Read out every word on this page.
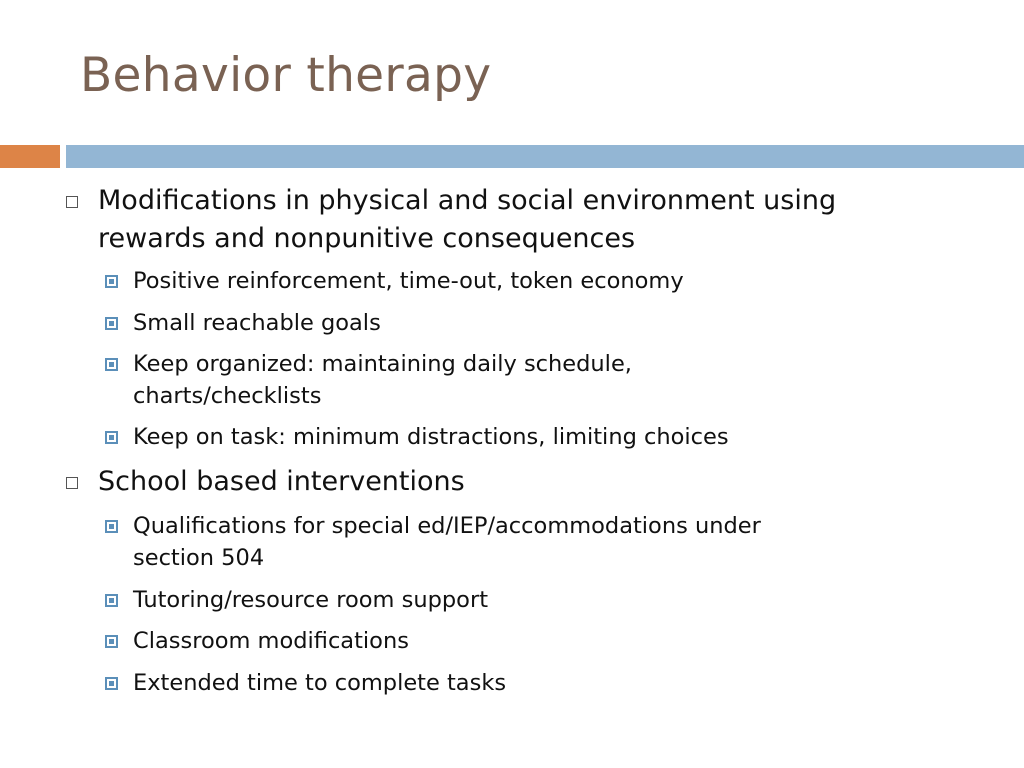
Behavior therapy
Modifications in physical and social environment using
rewards and nonpunitive consequences
Positive reinforcement, time-out, token economy
Small reachable goals
Keep organized: maintaining daily schedule,
charts/checklists
Keep on task: minimum distractions, limiting choices
School based interventions
Qualifications for special ed/IEP/accommodations under
section 504
Tutoring/resource room support
Classroom modifications
Extended time to complete tasks
